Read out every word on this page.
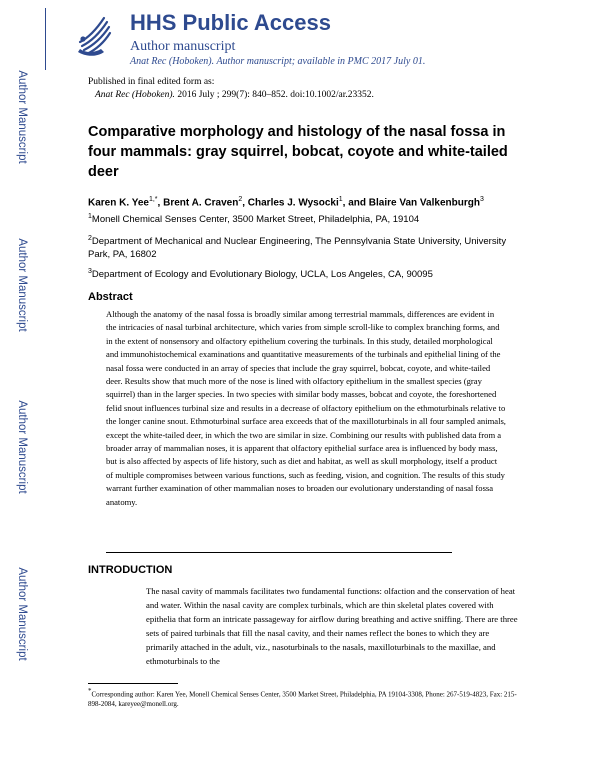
Author Manuscript
Author Manuscript
Author Manuscript
Author Manuscript
HHS Public Access
Author manuscript
Anat Rec (Hoboken). Author manuscript; available in PMC 2017 July 01.
Published in final edited form as:
Anat Rec (Hoboken). 2016 July ; 299(7): 840–852. doi:10.1002/ar.23352.
Comparative morphology and histology of the nasal fossa in four mammals: gray squirrel, bobcat, coyote and white-tailed deer
Karen K. Yee$^{1,*}$, Brent A. Craven$^2$, Charles J. Wysocki$^1$, and Blaire Van Valkenburgh$^3$
$^1$Monell Chemical Senses Center, 3500 Market Street, Philadelphia, PA, 19104
$^2$Department of Mechanical and Nuclear Engineering, The Pennsylvania State University, University Park, PA, 16802
$^3$Department of Ecology and Evolutionary Biology, UCLA, Los Angeles, CA, 90095
Abstract

Although the anatomy of the nasal fossa is broadly similar among terrestrial mammals, differences are evident in the intricacies of nasal turbinal architecture, which varies from simple scroll-like to complex branching forms, and in the extent of nonsensory and olfactory epithelium covering the turbinals. In this study, detailed morphological and immunohistochemical examinations and quantitative measurements of the turbinals and epithelial lining of the nasal fossa were conducted in an array of species that include the gray squirrel, bobcat, coyote, and white-tailed deer. Results show that much more of the nose is lined with olfactory epithelium in the smallest species (gray squirrel) than in the larger species. In two species with similar body masses, bobcat and coyote, the foreshortened felid snout influences turbinal size and results in a decrease of olfactory epithelium on the ethmoturbinals relative to the longer canine snout. Ethmoturbinal surface area exceeds that of the maxilloturbinals in all four sampled animals, except the white-tailed deer, in which the two are similar in size. Combining our results with published data from a broader array of mammalian noses, it is apparent that olfactory epithelial surface area is influenced by body mass, but is also affected by aspects of life history, such as diet and habitat, as well as skull morphology, itself a product of multiple compromises between various functions, such as feeding, vision, and cognition. The results of this study warrant further examination of other mammalian noses to broaden our evolutionary understanding of nasal fossa anatomy.

INTRODUCTION

The nasal cavity of mammals facilitates two fundamental functions: olfaction and the conservation of heat and water. Within the nasal cavity are complex turbinals, which are thin skeletal plates covered with epithelia that form an intricate passageway for airflow during breathing and active sniffing. There are three sets of paired turbinals that fill the nasal cavity, and their names reflect the bones to which they are primarily attached in the adult, viz., nasoturbinals to the nasals, maxilloturbinals to the maxillae, and ethmoturbinals to the

*Corresponding author: Karen Yee, Monell Chemical Senses Center, 3500 Market Street, Philadelphia, PA 19104-3308, Phone: 267-519-4823, Fax: 215-898-2084, kareyee@monell.org.
